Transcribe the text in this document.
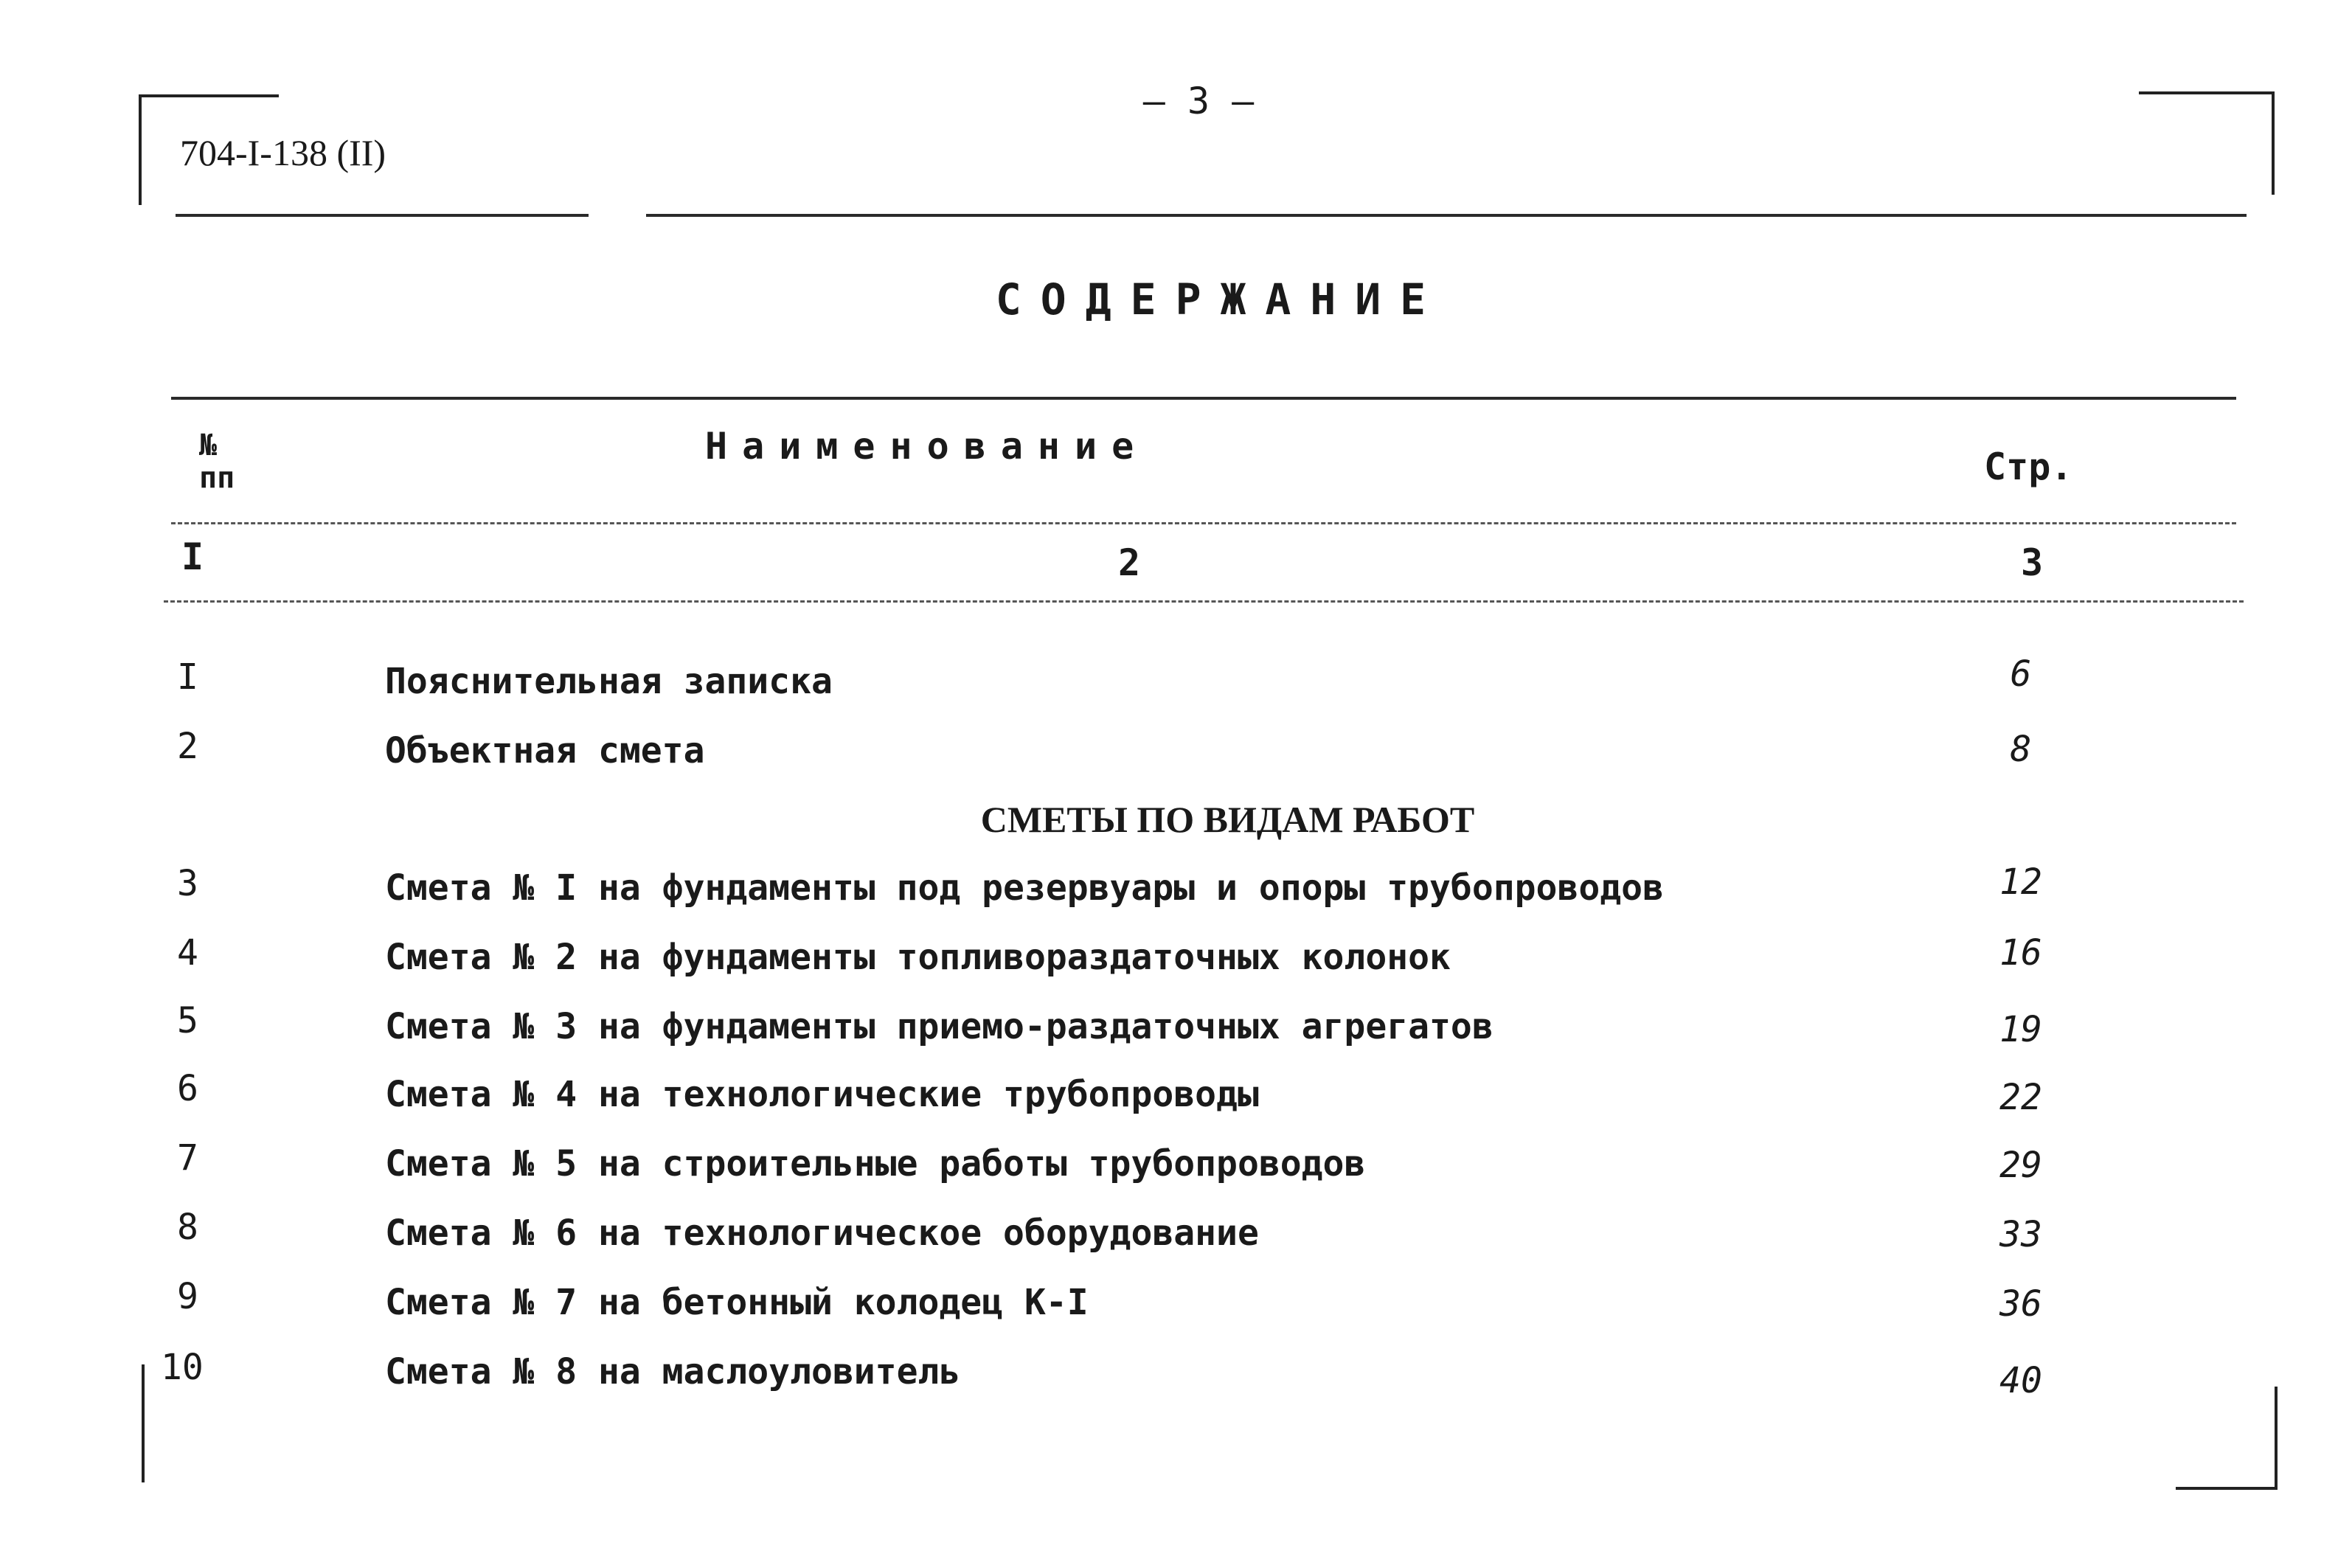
— 3 —
704-I-138 (II)
СОДЕРЖАНИЕ
№ пп
Наименование	Стр.
I	2	3
I	Пояснительная записка	6
2	Объектная смета	8
СМЕТЫ ПО ВИДАМ РАБОТ
3	Смета № I на фундаменты под резервуары и опоры трубопроводов	12
4	Смета № 2 на фундаменты топливораздаточных колонок	16
5	Смета № 3 на фундаменты приемо-раздаточных агрегатов	19
6	Смета № 4 на технологические трубопроводы	22
7	Смета № 5 на строительные работы трубопроводов	29
8	Смета № 6 на технологическое оборудование	33
9	Смета № 7 на бетонный колодец К-I	36
10	Смета № 8 на маслоуловитель	40
